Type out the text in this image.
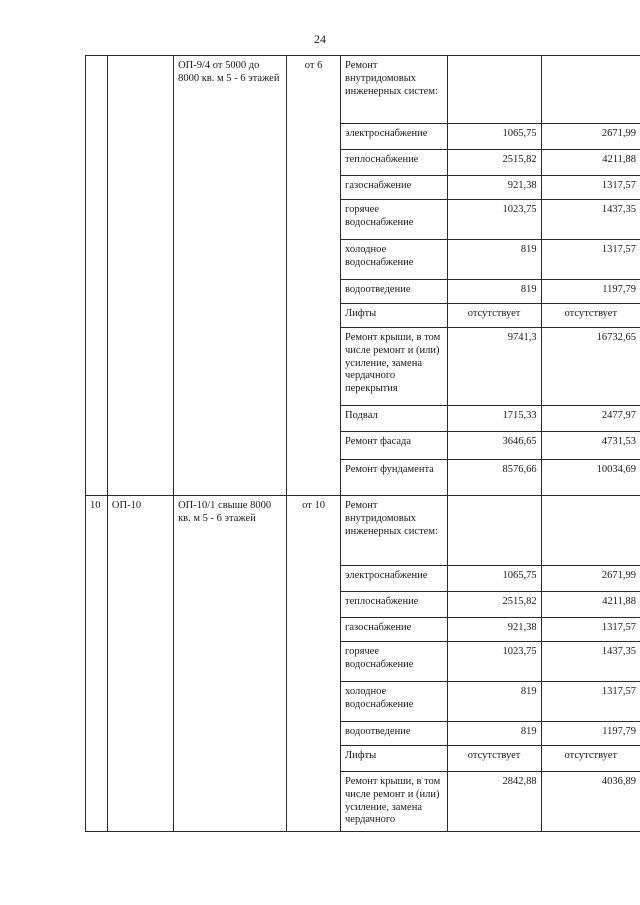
24
		ОП-9/4 от 5000 до 8000 кв. м 5 - 6 этажей	от 6	Ремонт внутридомовых инженерных систем:		
				электроснабжение	1065,75	2671,99
				теплоснабжение	2515,82	4211,88
				газоснабжение	921,38	1317,57
				горячее водоснабжение	1023,75	1437,35
				холодное водоснабжение	819	1317,57
				водоотведение	819	1197,79
				Лифты	отсутствует	отсутствует
				Ремонт крыши, в том числе ремонт и (или) усиление, замена чердачного перекрытия	9741,3	16732,65
				Подвал	1715,33	2477,97
				Ремонт фасада	3646,65	4731,53
				Ремонт фундамента	8576,66	10034,69
10	ОП-10	ОП-10/1 свыше 8000 кв. м 5 - 6 этажей	от 10	Ремонт внутридомовых инженерных систем:		
				электроснабжение	1065,75	2671,99
				теплоснабжение	2515,82	4211,88
				газоснабжение	921,38	1317,57
				горячее водоснабжение	1023,75	1437,35
				холодное водоснабжение	819	1317,57
				водоотведение	819	1197,79
				Лифты	отсутствует	отсутствует
				Ремонт крыши, в том числе ремонт и (или) усиление, замена чердачного	2842,88	4036,89
